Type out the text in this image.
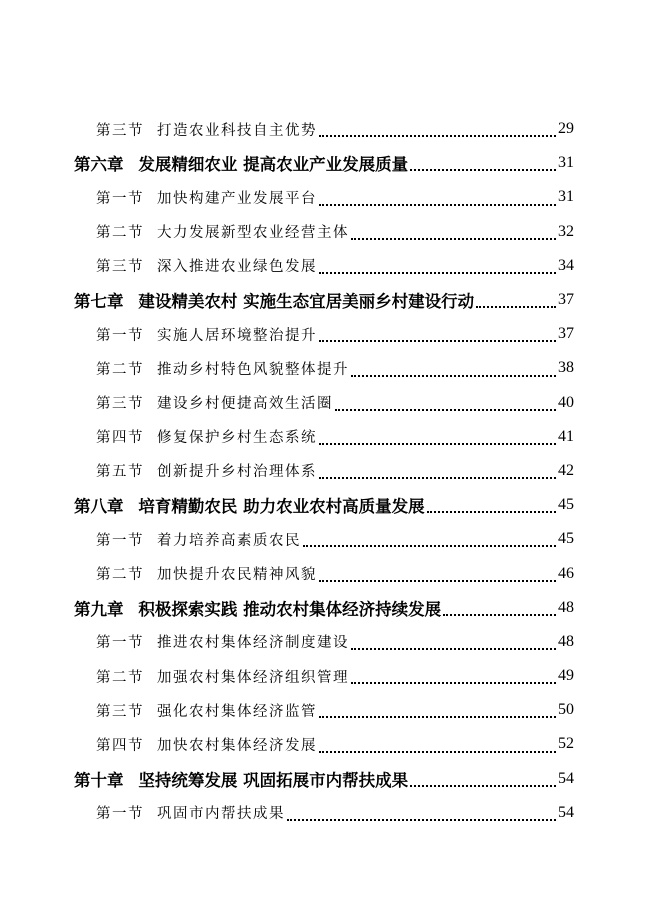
第三节 打造农业科技自主优势	29
第六章 发展精细农业 提高农业产业发展质量	31
第一节 加快构建产业发展平台	31
第二节 大力发展新型农业经营主体	32
第三节 深入推进农业绿色发展	34
第七章 建设精美农村 实施生态宜居美丽乡村建设行动	37
第一节 实施人居环境整治提升	37
第二节 推动乡村特色风貌整体提升	38
第三节 建设乡村便捷高效生活圈	40
第四节 修复保护乡村生态系统	41
第五节 创新提升乡村治理体系	42
第八章 培育精勤农民 助力农业农村高质量发展	45
第一节 着力培养高素质农民	45
第二节 加快提升农民精神风貌	46
第九章 积极探索实践 推动农村集体经济持续发展	48
第一节 推进农村集体经济制度建设	48
第二节 加强农村集体经济组织管理	49
第三节 强化农村集体经济监管	50
第四节 加快农村集体经济发展	52
第十章 坚持统筹发展 巩固拓展市内帮扶成果	54
第一节 巩固市内帮扶成果	54
